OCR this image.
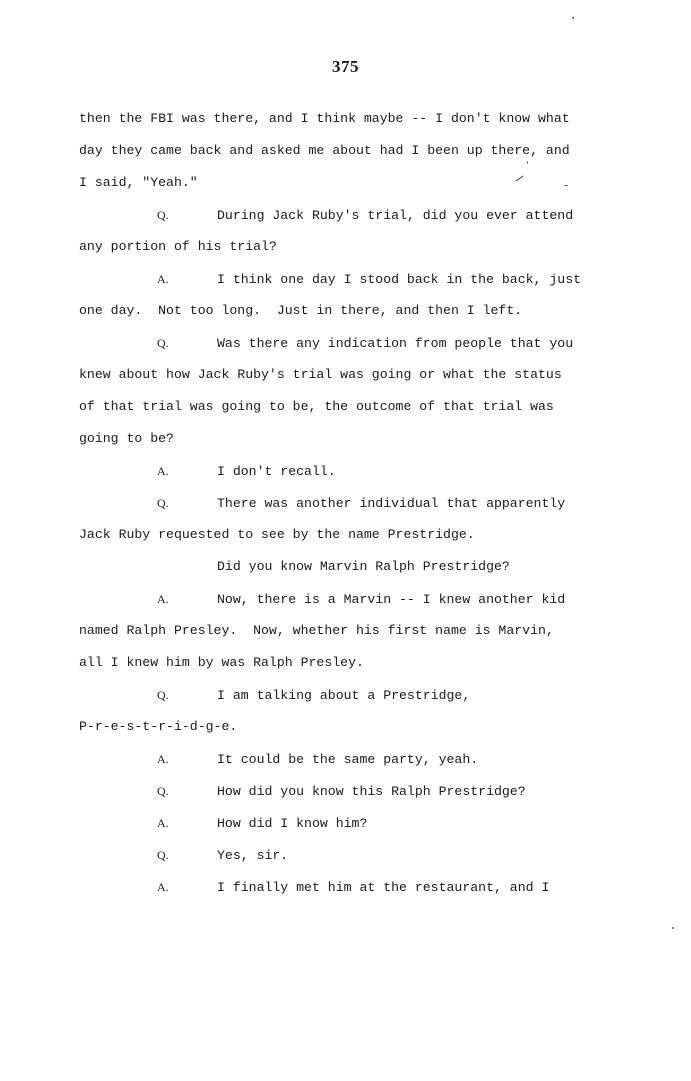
375
then the FBI was there, and I think maybe -- I don't know what
day they came back and asked me about had I been up there, and
I said, "Yeah."
Q.	During Jack Ruby's trial, did you ever attend
any portion of his trial?
A.	I think one day I stood back in the back, just
one day.  Not too long.  Just in there, and then I left.
Q.	Was there any indication from people that you
knew about how Jack Ruby's trial was going or what the status
of that trial was going to be, the outcome of that trial was
going to be?
A.	I don't recall.
Q.	There was another individual that apparently
Jack Ruby requested to see by the name Prestridge.
Did you know Marvin Ralph Prestridge?
A.	Now, there is a Marvin -- I knew another kid
named Ralph Presley.  Now, whether his first name is Marvin,
all I knew him by was Ralph Presley.
Q.	I am talking about a Prestridge,
P-r-e-s-t-r-i-d-g-e.
A.	It could be the same party, yeah.
Q.	How did you know this Ralph Prestridge?
A.	How did I know him?
Q.	Yes, sir.
A.	I finally met him at the restaurant, and I
